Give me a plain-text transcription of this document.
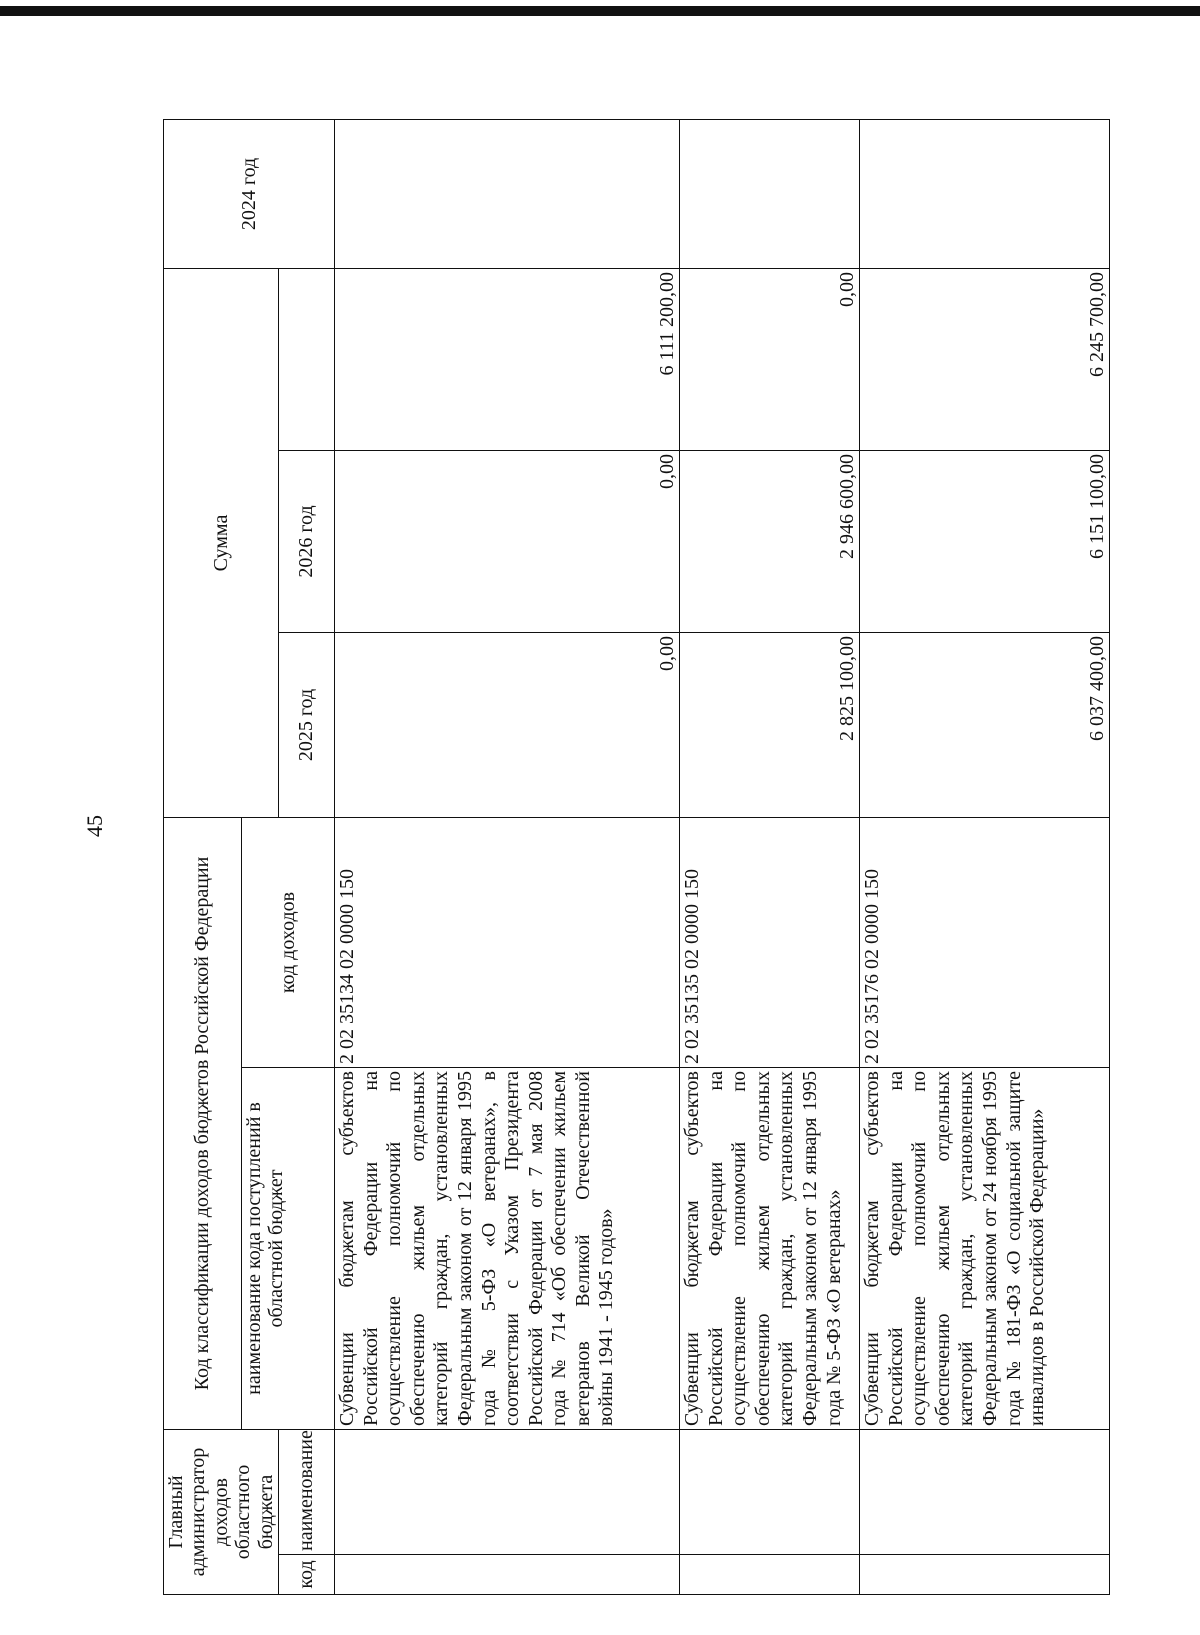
45
Главный администратор доходов областного бюджета		Код классификации доходов бюджетов Российской Федерации		Сумма			2024 год
		наименование кода поступлений в областной бюджет	код доходов				
код	наименование			2025 год	2026 год		
		Субвенции бюджетам субъектов Российской Федерации на осуществление полномочий по обеспечению жильем отдельных категорий граждан, установленных Федеральным законом от 12 января 1995 года № 5-ФЗ «О ветеранах», в соответствии с Указом Президента Российской Федерации от 7 мая 2008 года № 714 «Об обеспечении жильем ветеранов Великой Отечественной войны 1941 - 1945 годов»	2 02 35134 02 0000 150	0,00	0,00	6 111 200,00	
		Субвенции бюджетам субъектов Российской Федерации на осуществление полномочий по обеспечению жильем отдельных категорий граждан, установленных Федеральным законом от 12 января 1995 года № 5-ФЗ «О ветеранах»	2 02 35135 02 0000 150	2 825 100,00	2 946 600,00	0,00	
		Субвенции бюджетам субъектов Российской Федерации на осуществление полномочий по обеспечению жильем отдельных категорий граждан, установленных Федеральным законом от 24 ноября 1995 года № 181-ФЗ «О социальной защите инвалидов в Российской Федерации»	2 02 35176 02 0000 150	6 037 400,00	6 151 100,00	6 245 700,00	
